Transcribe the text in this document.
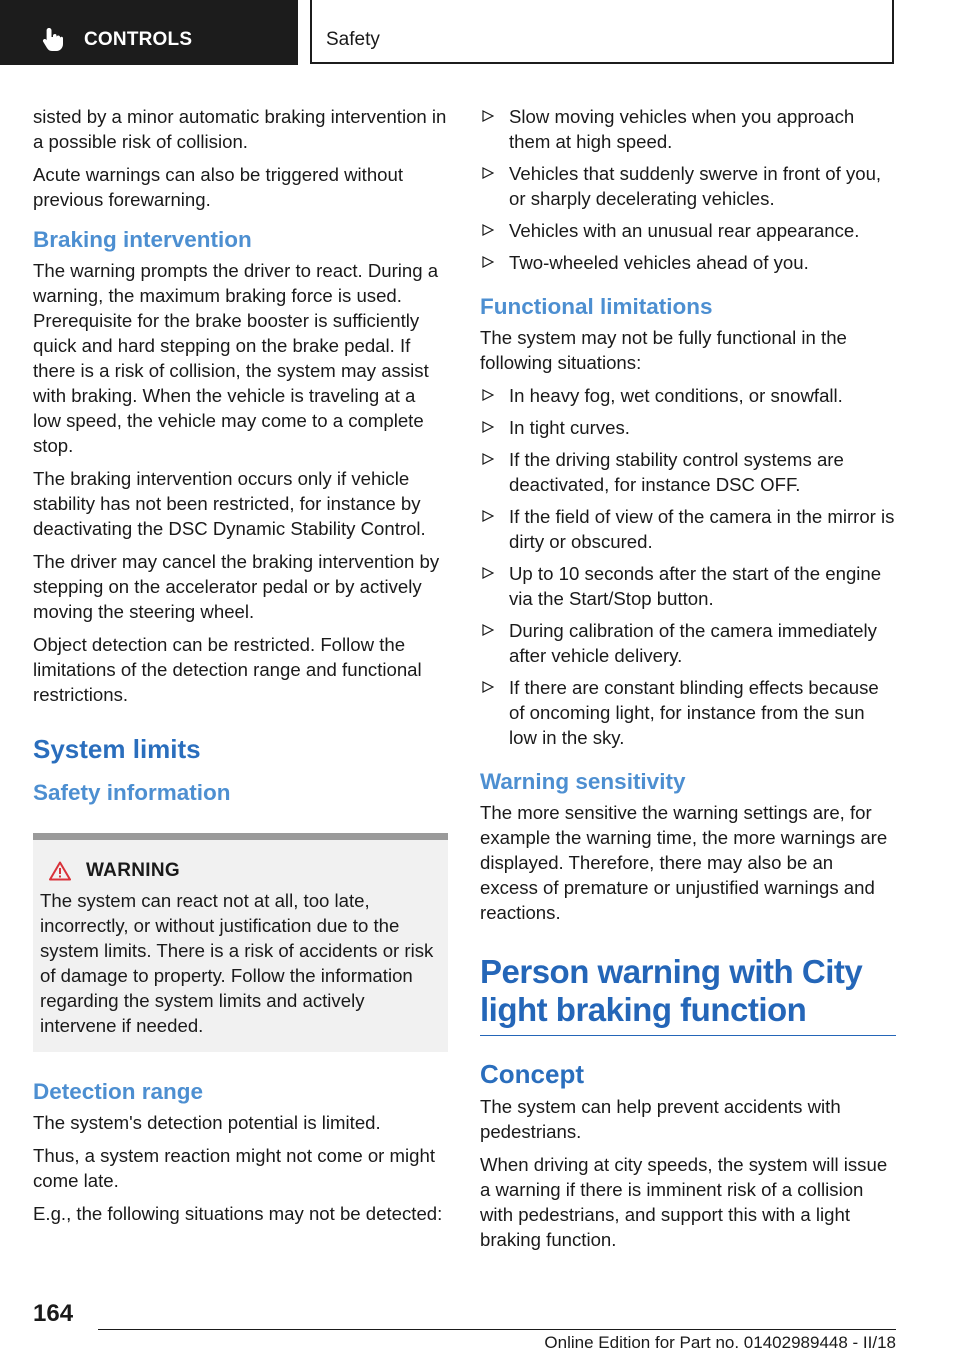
CONTROLS	Safety

sisted by a minor automatic braking intervention in a possible risk of collision.

Acute warnings can also be triggered without previous forewarning.

Braking intervention

The warning prompts the driver to react. During a warning, the maximum braking force is used. Prerequisite for the brake booster is sufficiently quick and hard stepping on the brake pedal. If there is a risk of collision, the system may assist with braking. When the vehicle is traveling at a low speed, the vehicle may come to a complete stop.

The braking intervention occurs only if vehicle stability has not been restricted, for instance by deactivating the DSC Dynamic Stability Control.

The driver may cancel the braking intervention by stepping on the accelerator pedal or by actively moving the steering wheel.

Object detection can be restricted. Follow the limitations of the detection range and functional restrictions.

System limits
Safety information
WARNING

The system can react not at all, too late, incorrectly, or without justification due to the system limits. There is a risk of accidents or risk of damage to property. Follow the information regarding the system limits and actively intervene if needed.

Detection range

The system's detection potential is limited.

Thus, a system reaction might not come or might come late.

E.g., the following situations may not be detected:

Slow moving vehicles when you approach them at high speed.
Vehicles that suddenly swerve in front of you, or sharply decelerating vehicles.
Vehicles with an unusual rear appearance.
Two-wheeled vehicles ahead of you.
Functional limitations

The system may not be fully functional in the following situations:

In heavy fog, wet conditions, or snowfall.
In tight curves.
If the driving stability control systems are deactivated, for instance DSC OFF.
If the field of view of the camera in the mirror is dirty or obscured.
Up to 10 seconds after the start of the engine via the Start/Stop button.
During calibration of the camera immediately after vehicle delivery.
If there are constant blinding effects because of oncoming light, for instance from the sun low in the sky.
Warning sensitivity

The more sensitive the warning settings are, for example the warning time, the more warnings are displayed. Therefore, there may also be an excess of premature or unjustified warnings and reactions.

Person warning with City light braking function
Concept

The system can help prevent accidents with pedestrians.

When driving at city speeds, the system will issue a warning if there is imminent risk of a collision with pedestrians, and support this with a light braking function.

164
Online Edition for Part no. 01402989448 - II/18
